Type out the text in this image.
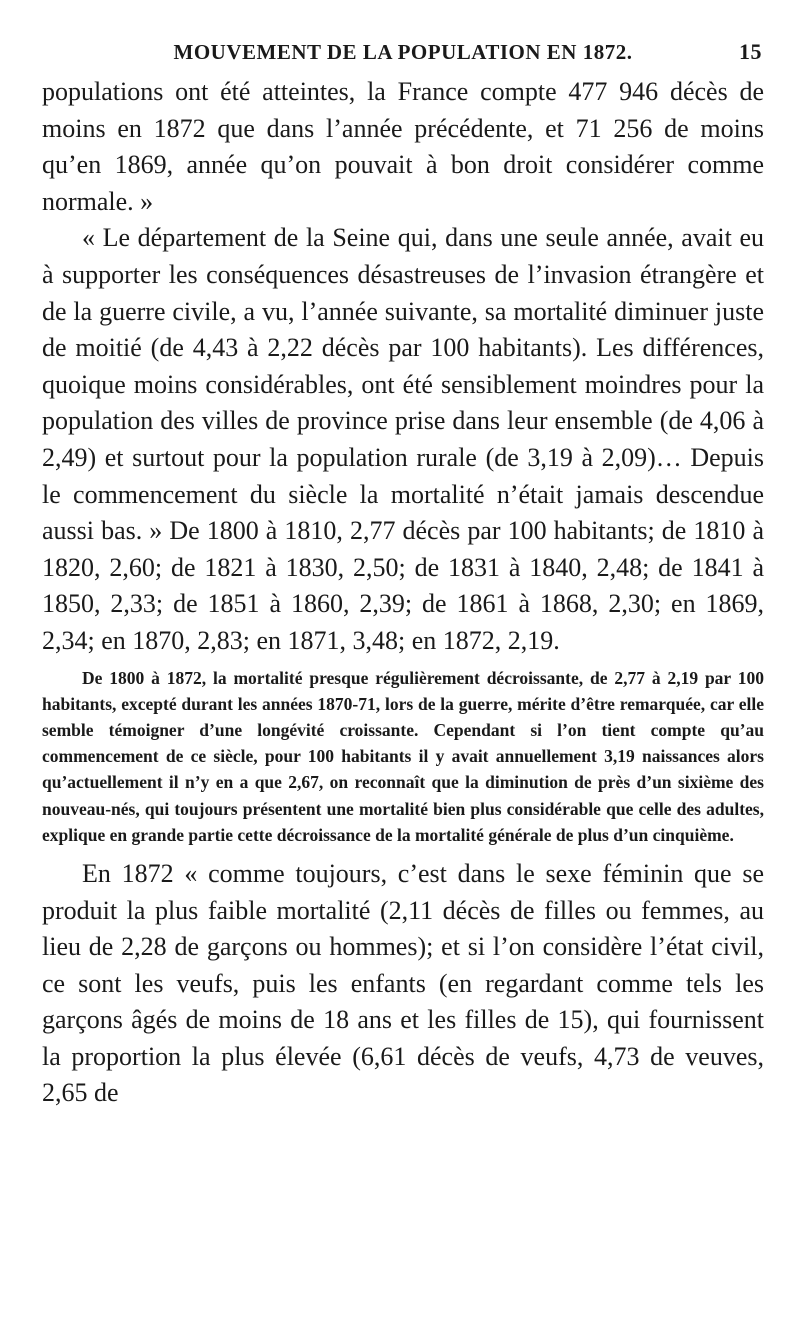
MOUVEMENT DE LA POPULATION EN 1872.	15

populations ont été atteintes, la France compte 477 946 décès de moins en 1872 que dans l’année précédente, et 71 256 de moins qu’en 1869, année qu’on pouvait à bon droit considérer comme normale. »

« Le département de la Seine qui, dans une seule année, avait eu à supporter les conséquences désastreuses de l’invasion étrangère et de la guerre civile, a vu, l’année suivante, sa mortalité diminuer juste de moitié (de 4,43 à 2,22 décès par 100 habitants). Les différences, quoique moins considérables, ont été sensiblement moindres pour la population des villes de province prise dans leur ensemble (de 4,06 à 2,49) et surtout pour la population rurale (de 3,19 à 2,09)… Depuis le commencement du siècle la mortalité n’était jamais descendue aussi bas. » De 1800 à 1810, 2,77 décès par 100 habitants; de 1810 à 1820, 2,60; de 1821 à 1830, 2,50; de 1831 à 1840, 2,48; de 1841 à 1850, 2,33; de 1851 à 1860, 2,39; de 1861 à 1868, 2,30; en 1869, 2,34; en 1870, 2,83; en 1871, 3,48; en 1872, 2,19.

De 1800 à 1872, la mortalité presque régulièrement décroissante, de 2,77 à 2,19 par 100 habitants, excepté durant les années 1870-71, lors de la guerre, mérite d’être remarquée, car elle semble témoigner d’une longévité croissante. Cependant si l’on tient compte qu’au commencement de ce siècle, pour 100 habitants il y avait annuellement 3,19 naissances alors qu’actuellement il n’y en a que 2,67, on reconnaît que la diminution de près d’un sixième des nouveau-nés, qui toujours présentent une mortalité bien plus considérable que celle des adultes, explique en grande partie cette décroissance de la mortalité générale de plus d’un cinquième.

En 1872 « comme toujours, c’est dans le sexe féminin que se produit la plus faible mortalité (2,11 décès de filles ou femmes, au lieu de 2,28 de garçons ou hommes); et si l’on considère l’état civil, ce sont les veufs, puis les enfants (en regardant comme tels les garçons âgés de moins de 18 ans et les filles de 15), qui fournissent la proportion la plus élevée (6,61 décès de veufs, 4,73 de veuves, 2,65 de
